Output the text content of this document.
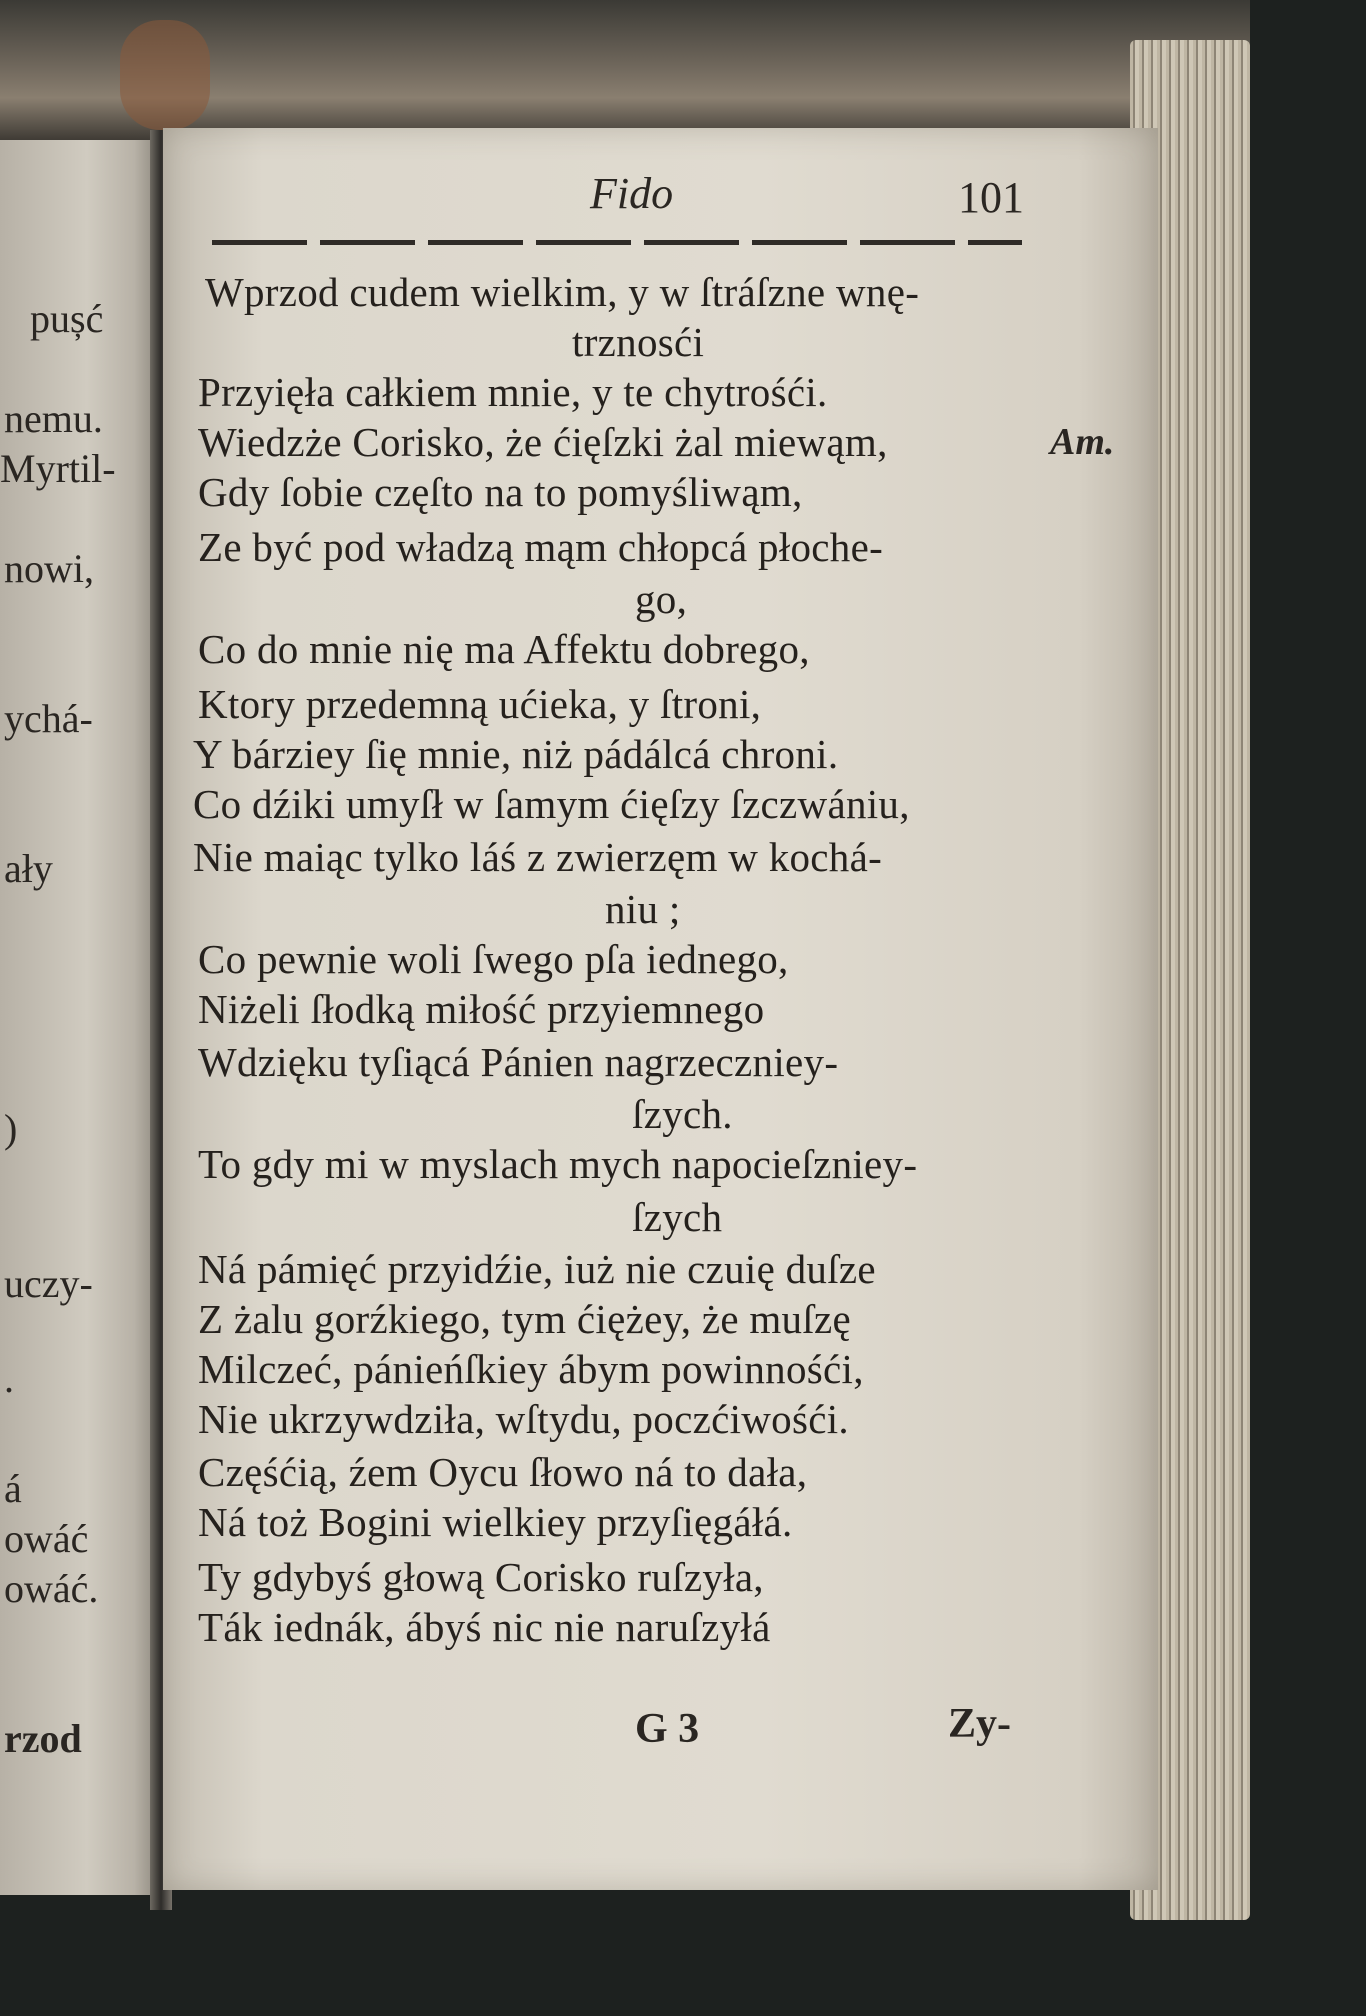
pușć
nemu.
Myrtil-
nowi,
ychá-
ały
)
uczy-
.
á
owáć
owáć.
rzod
Fido	101
Wprzod cudem wielkim, y w ſtráſzne wnę-
trznosći
Przyięła całkiem mnie, y te chytrośći.
Wiedzże Corisko, że ćięſzki żal miewąm,
Gdy ſobie częſto na to pomyśliwąm,
Ze być pod władzą mąm chłopcá płoche-
go,
Co do mnie nię ma Affektu dobrego,
Ktory przedemną ućieka, y ſtroni,
Y bárziey ſię mnie, niż pádálcá chroni.
Co dźiki umyſł w ſamym ćięſzy ſzczwániu,
Nie maiąc tylko láś z zwierzęm w kochá-
niu ;
Co pewnie woli ſwego pſa iednego,
Niżeli ſłodką miłość przyiemnego
Wdzięku tyſiącá Pánien nagrzeczniey-
ſzych.
To gdy mi w myslach mych napocieſzniey-
ſzych
Ná pámięć przyidźie, iuż nie czuię duſze
Z żalu gorźkiego, tym ćiężey, że muſzę
Milczeć, pánieńſkiey ábym powinnośći,
Nie ukrzywdziła, wſtydu, poczćiwośći.
Częśćią, źem Oycu ſłowo ná to dała,
Ná toż Bogini wielkiey przyſięgáłá.
Ty gdybyś głową Corisko ruſzyła,
Ták iednák, ábyś nic nie naruſzyłá
Am.
G 3	Zy-
